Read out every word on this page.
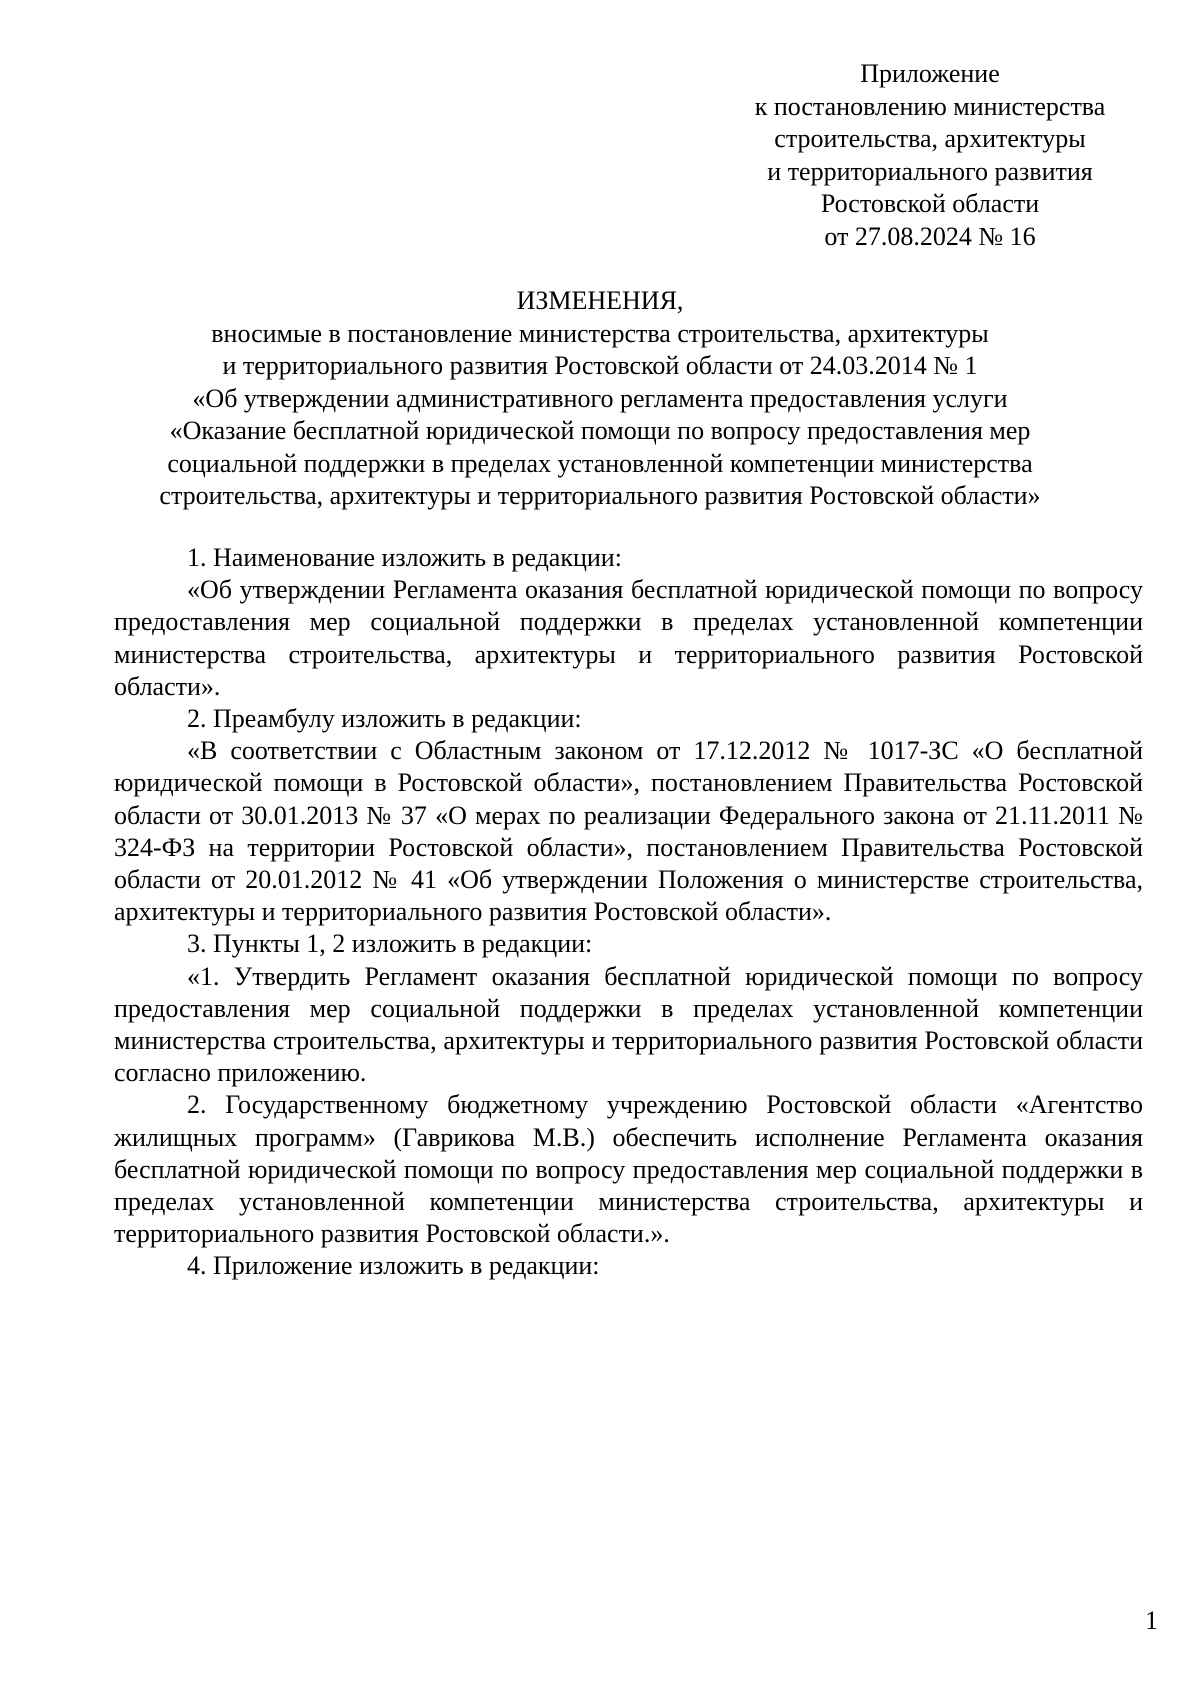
Приложение
к постановлению министерства
строительства, архитектуры
и территориального развития
Ростовской области
от 27.08.2024 № 16
ИЗМЕНЕНИЯ,
вносимые в постановление министерства строительства, архитектуры
и территориального развития Ростовской области от 24.03.2014 № 1
«Об утверждении административного регламента предоставления услуги
«Оказание бесплатной юридической помощи по вопросу предоставления мер
социальной поддержки в пределах установленной компетенции министерства
строительства, архитектуры и территориального развития Ростовской области»

1. Наименование изложить в редакции:

«Об утверждении Регламента оказания бесплатной юридической помощи по вопросу предоставления мер социальной поддержки в пределах установленной компетенции министерства строительства, архитектуры и территориального развития Ростовской области».

2. Преамбулу изложить в редакции:

«В соответствии с Областным законом от 17.12.2012 № 1017-ЗС «О бесплатной юридической помощи в Ростовской области», постановлением Правительства Ростовской области от 30.01.2013 № 37 «О мерах по реализации Федерального закона от 21.11.2011 № 324-ФЗ на территории Ростовской области», постановлением Правительства Ростовской области от 20.01.2012 № 41 «Об утверждении Положения о министерстве строительства, архитектуры и территориального развития Ростовской области».

3. Пункты 1, 2 изложить в редакции:

«1. Утвердить Регламент оказания бесплатной юридической помощи по вопросу предоставления мер социальной поддержки в пределах установленной компетенции министерства строительства, архитектуры и территориального развития Ростовской области согласно приложению.

2. Государственному бюджетному учреждению Ростовской области «Агентство жилищных программ» (Гаврикова М.В.) обеспечить исполнение Регламента оказания бесплатной юридической помощи по вопросу предоставления мер социальной поддержки в пределах установленной компетенции министерства строительства, архитектуры и территориального развития Ростовской области.».

4. Приложение изложить в редакции:

1
